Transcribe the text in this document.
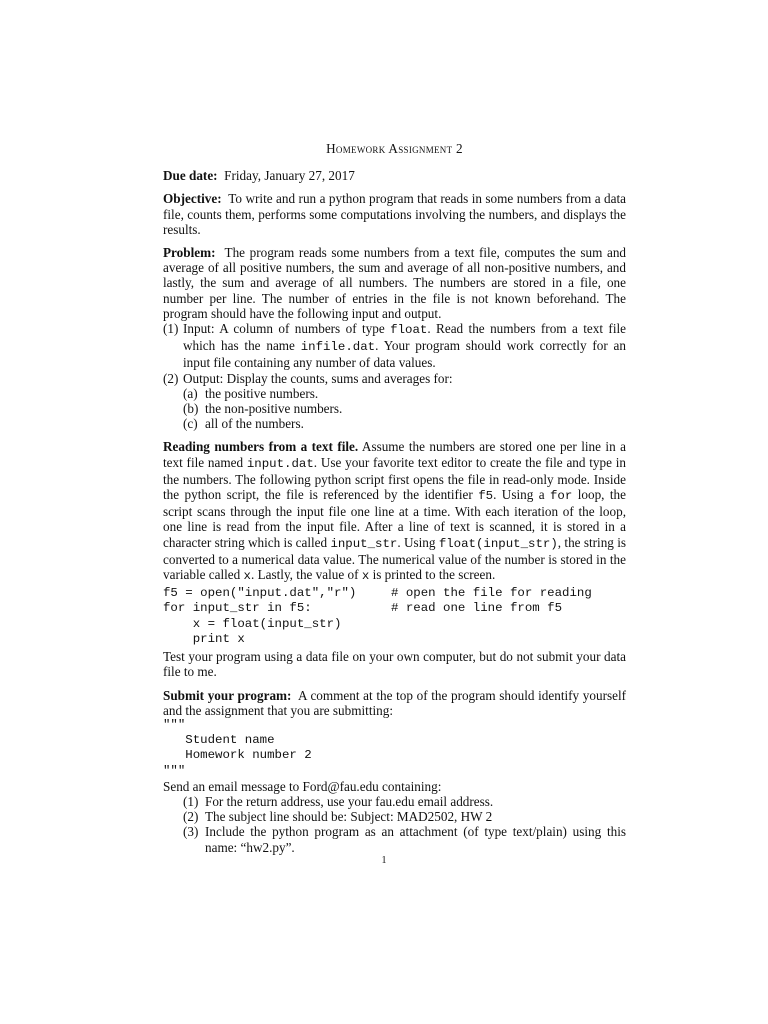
Homework Assignment 2

Due date: Friday, January 27, 2017

Objective: To write and run a python program that reads in some numbers from a data file, counts them, performs some computations involving the numbers, and displays the results.

Problem: The program reads some numbers from a text file, computes the sum and average of all positive numbers, the sum and average of all non-positive numbers, and lastly, the sum and average of all numbers. The numbers are stored in a file, one number per line. The number of entries in the file is not known beforehand. The program should have the following input and output.

(1) Input: A column of numbers of type float. Read the numbers from a text file which has the name infile.dat. Your program should work correctly for an input file containing any number of data values.
(2) Output: Display the counts, sums and averages for:
(a) the positive numbers.
(b) the non-positive numbers.
(c) all of the numbers.

Reading numbers from a text file. Assume the numbers are stored one per line in a text file named input.dat. Use your favorite text editor to create the file and type in the numbers. The following python script first opens the file in read-only mode. Inside the python script, the file is referenced by the identifier f5. Using a for loop, the script scans through the input file one line at a time. With each iteration of the loop, one line is read from the input file. After a line of text is scanned, it is stored in a character string which is called input_str. Using float(input_str), the string is converted to a numerical data value. The numerical value of the number is stored in the variable called x. Lastly, the value of x is printed to the screen.

f5 = open("input.dat","r")	# open the file for reading
for input_str in f5:	# read one line from f5
x = float(input_str)
print x

Test your program using a data file on your own computer, but do not submit your data file to me.

Submit your program: A comment at the top of the program should identify yourself and the assignment that you are submitting:

"""
Student name
Homework number 2
"""

Send an email message to Ford@fau.edu containing:

(1) For the return address, use your fau.edu email address.
(2) The subject line should be: Subject: MAD2502, HW 2
(3) Include the python program as an attachment (of type text/plain) using this name: “hw2.py”.
1
